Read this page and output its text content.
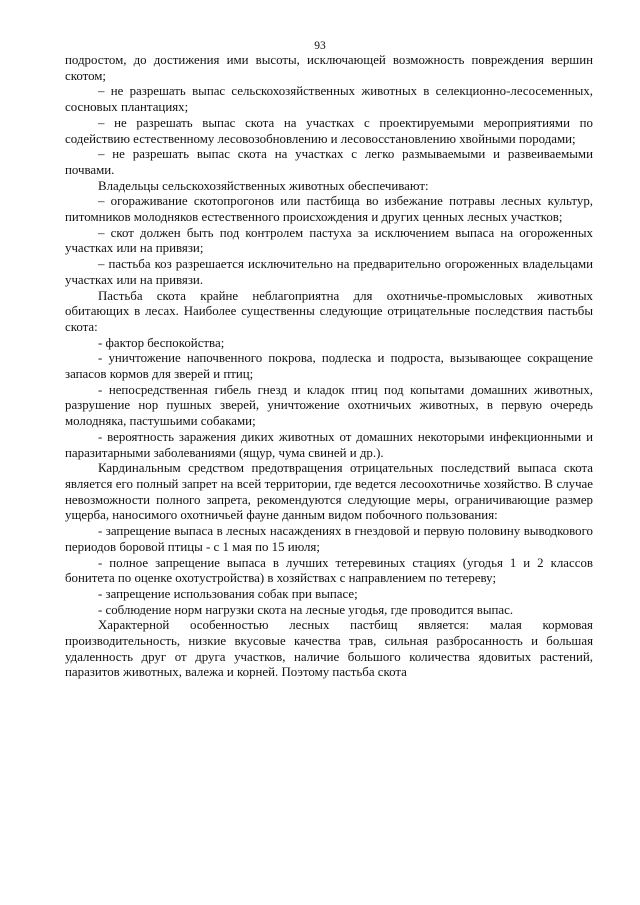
93

подростом, до достижения ими высоты, исключающей возможность повреждения вершин скотом;

– не разрешать выпас сельскохозяйственных животных в селекционно-лесосеменных, сосновых плантациях;

– не разрешать выпас скота на участках с проектируемыми мероприятиями по содействию естественному лесовозобновлению и лесовосстановлению хвойными породами;

– не разрешать выпас скота на участках с легко размываемыми и развеиваемыми почвами.

Владельцы сельскохозяйственных животных обеспечивают:

– огораживание скотопрогонов или пастбища во избежание потравы лесных культур, питомников молодняков естественного происхождения и других ценных лесных участков;

– скот должен быть под контролем пастуха за исключением выпаса на огороженных участках или на привязи;

– пастьба коз разрешается исключительно на предварительно огороженных владельцами участках или на привязи.

Пастьба скота крайне неблагоприятна для охотничье-промысловых животных обитающих в лесах. Наиболее существенны следующие отрицательные последствия пастьбы скота:

- фактор беспокойства;

- уничтожение напочвенного покрова, подлеска и подроста, вызывающее сокращение запасов кормов для зверей и птиц;

- непосредственная гибель гнезд и кладок птиц под копытами домашних животных, разрушение нор пушных зверей, уничтожение охотничьих животных, в первую очередь молодняка, пастушьими собаками;

- вероятность заражения диких животных от домашних некоторыми инфекционными и паразитарными заболеваниями (ящур, чума свиней и др.).

Кардинальным средством предотвращения отрицательных последствий выпаса скота является его полный запрет на всей территории, где ведется лесоохотничье хозяйство. В случае невозможности полного запрета, рекомендуются следующие меры, ограничивающие размер ущерба, наносимого охотничьей фауне данным видом побочного пользования:

- запрещение выпаса в лесных насаждениях в гнездовой и первую половину выводкового периодов боровой птицы - с 1 мая по 15 июля;

- полное запрещение выпаса в лучших тетеревиных стациях (угодья 1 и 2 классов бонитета по оценке охотустройства) в хозяйствах с направлением по тетереву;

- запрещение использования собак при выпасе;

- соблюдение норм нагрузки скота на лесные угодья, где проводится выпас.

Характерной особенностью лесных пастбищ является: малая кормовая производительность, низкие вкусовые качества трав, сильная разбросанность и большая удаленность друг от друга участков, наличие большого количества ядовитых растений, паразитов животных, валежа и корней. Поэтому пастьба скота
